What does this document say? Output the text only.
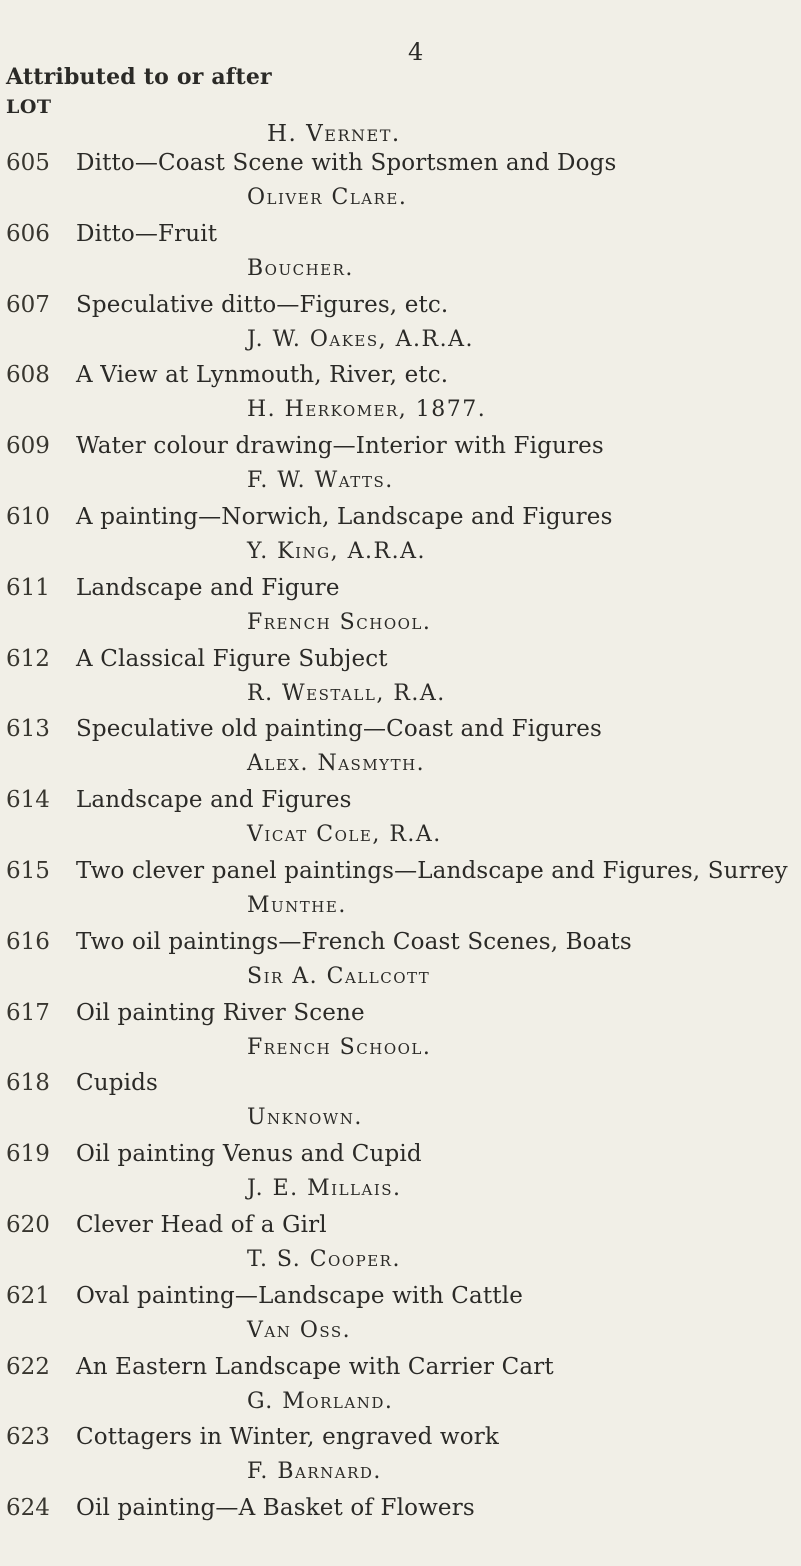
4
Attributed to or after
LOT
H. Vernet.
605 Ditto—Coast Scene with Sportsmen and Dogs
Oliver Clare.
606 Ditto—Fruit
Boucher.
607 Speculative ditto—Figures, etc.
J. W. Oakes, A.R.A.
608 A View at Lynmouth, River, etc.
H. Herkomer, 1877.
609 Water colour drawing—Interior with Figures
F. W. Watts.
610 A painting—Norwich, Landscape and Figures
Y. King, A.R.A.
611 Landscape and Figure
French School.
612 A Classical Figure Subject
R. Westall, R.A.
613 Speculative old painting—Coast and Figures
Alex. Nasmyth.
614 Landscape and Figures
Vicat Cole, R.A.
615 Two clever panel paintings—Landscape and Figures, Surrey
Munthe.
616 Two oil paintings—French Coast Scenes, Boats
Sir A. Callcott
617 Oil painting River Scene
French School.
618 Cupids
Unknown.
619 Oil painting Venus and Cupid
J. E. Millais.
620 Clever Head of a Girl
T. S. Cooper.
621 Oval painting—Landscape with Cattle
Van Oss.
622 An Eastern Landscape with Carrier Cart
G. Morland.
623 Cottagers in Winter, engraved work
F. Barnard.
624 Oil painting—A Basket of Flowers
